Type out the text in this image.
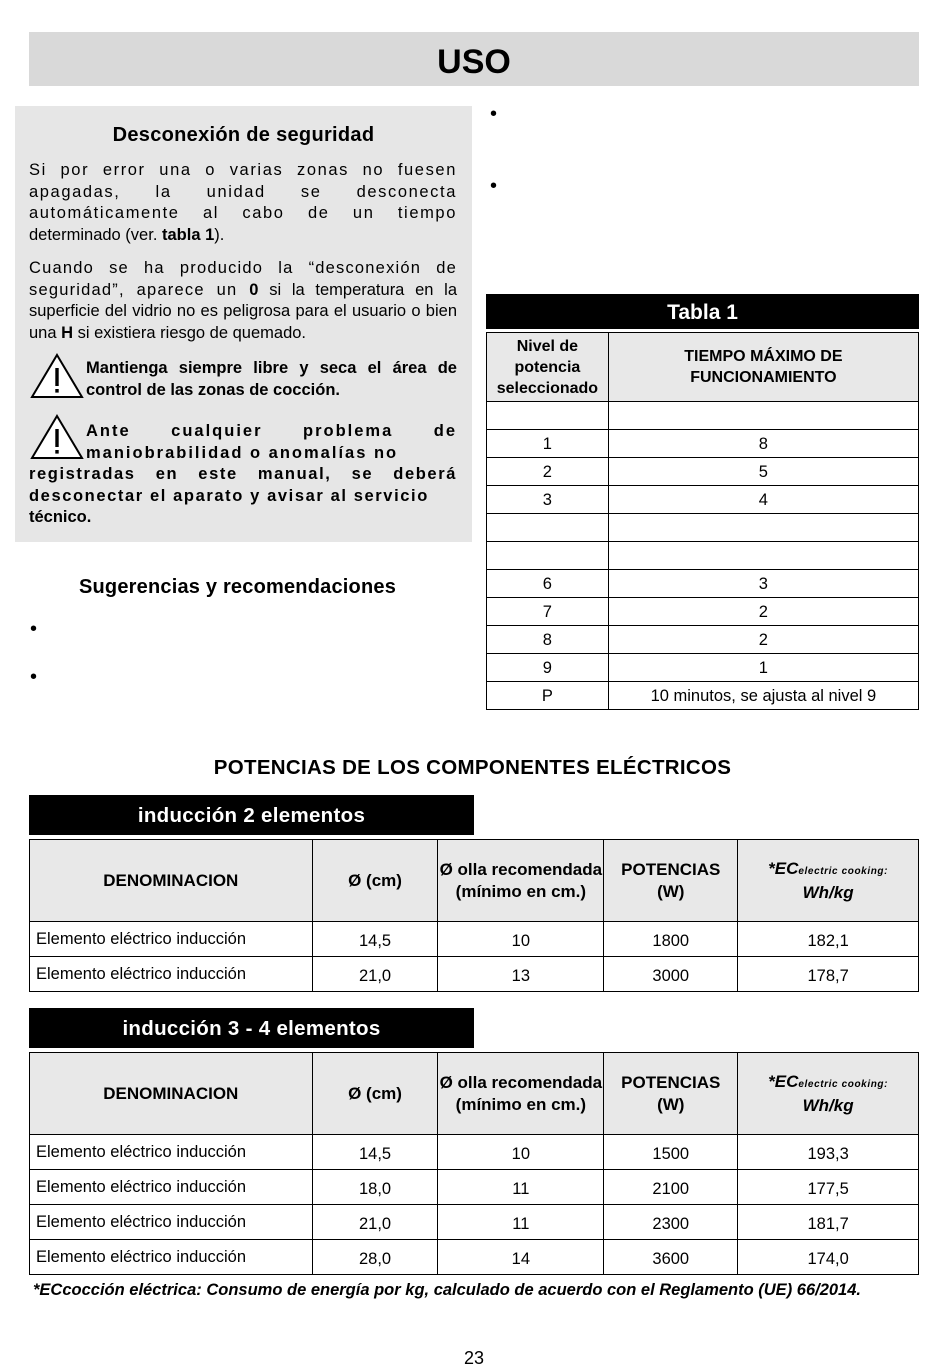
USO
Desconexión de seguridad
Si por error una o varias zonas no fuesen apagadas, la unidad se desconecta automáticamente al cabo de un tiempo determinado (ver. tabla 1).
Cuando se ha producido la “desconexión de seguridad”, aparece un 0 si la temperatura en la superficie del vidrio no es peligrosa para el usuario o bien una H si existiera riesgo de quemado.
Mantienga siempre libre y seca el área de control de las zonas de cocción.
Ante cualquier problema de maniobrabilidad o anomalías no
registradas en este manual, se deberá desconectar el aparato y avisar al servicio
técnico.
•
•
Sugerencias y recomendaciones
•
•
Tabla 1
Nivel de potencia seleccionado	TIEMPO MÁXIMO DE FUNCIONAMIENTO

1	8
2	5
3	4

6	3
7	2
8	2
9	1
P	10 minutos, se ajusta al nivel 9
POTENCIAS DE LOS COMPONENTES ELÉCTRICOS
inducción 2 elementos
DENOMINACION	Ø (cm)	Ø olla recomendada (mínimo en cm.)	POTENCIAS (W)	*ECelectric cooking:
Wh/kg
Elemento eléctrico inducción	14,5	10	1800	182,1
Elemento eléctrico inducción	21,0	13	3000	178,7
inducción 3 - 4 elementos
DENOMINACION	Ø (cm)	Ø olla recomendada (mínimo en cm.)	POTENCIAS (W)	*ECelectric cooking:
Wh/kg
Elemento eléctrico inducción	14,5	10	1500	193,3
Elemento eléctrico inducción	18,0	11	2100	177,5
Elemento eléctrico inducción	21,0	11	2300	181,7
Elemento eléctrico inducción	28,0	14	3600	174,0
*ECcocción eléctrica: Consumo de energía por kg, calculado de acuerdo con el Reglamento (UE) 66/2014.
23
